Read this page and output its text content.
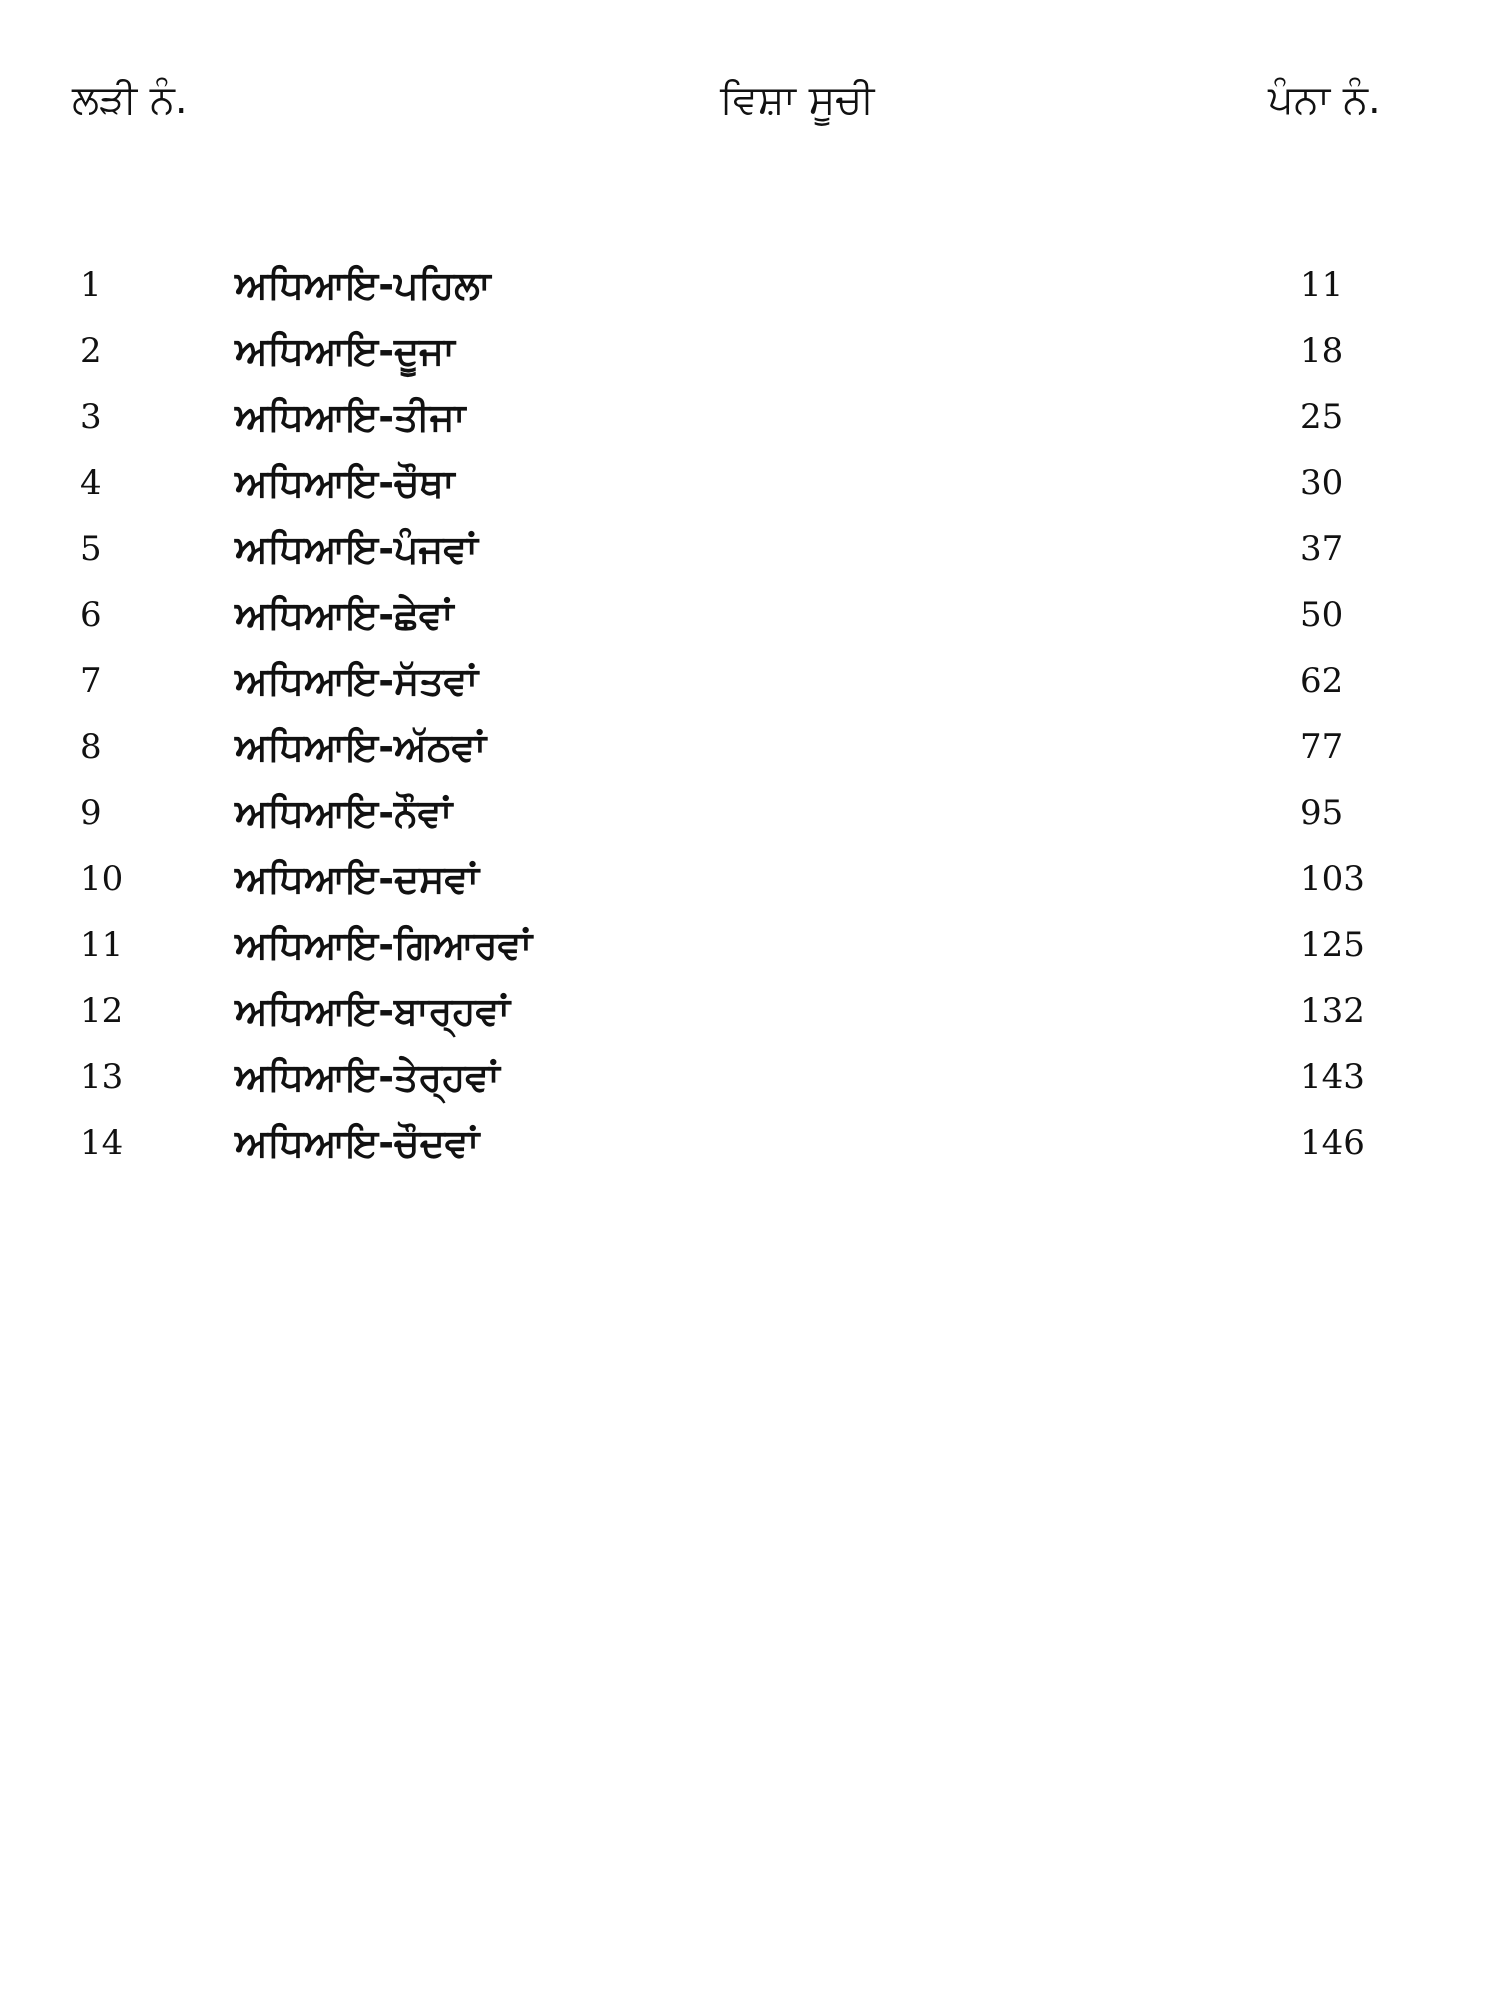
ਲੜੀ ਨੰ.	ਵਿਸ਼ਾ ਸੂਚੀ	ਪੰਨਾ ਨੰ.
1	ਅਧਿਆਇ-ਪਹਿਲਾ	11
2	ਅਧਿਆਇ-ਦੂਜਾ	18
3	ਅਧਿਆਇ-ਤੀਜਾ	25
4	ਅਧਿਆਇ-ਚੌਥਾ	30
5	ਅਧਿਆਇ-ਪੰਜਵਾਂ	37
6	ਅਧਿਆਇ-ਛੇਵਾਂ	50
7	ਅਧਿਆਇ-ਸੱਤਵਾਂ	62
8	ਅਧਿਆਇ-ਅੱਠਵਾਂ	77
9	ਅਧਿਆਇ-ਨੌਵਾਂ	95
10	ਅਧਿਆਇ-ਦਸਵਾਂ	103
11	ਅਧਿਆਇ-ਗਿਆਰਵਾਂ	125
12	ਅਧਿਆਇ-ਬਾਰ੍ਹਵਾਂ	132
13	ਅਧਿਆਇ-ਤੇਰ੍ਹਵਾਂ	143
14	ਅਧਿਆਇ-ਚੌਦਵਾਂ	146
